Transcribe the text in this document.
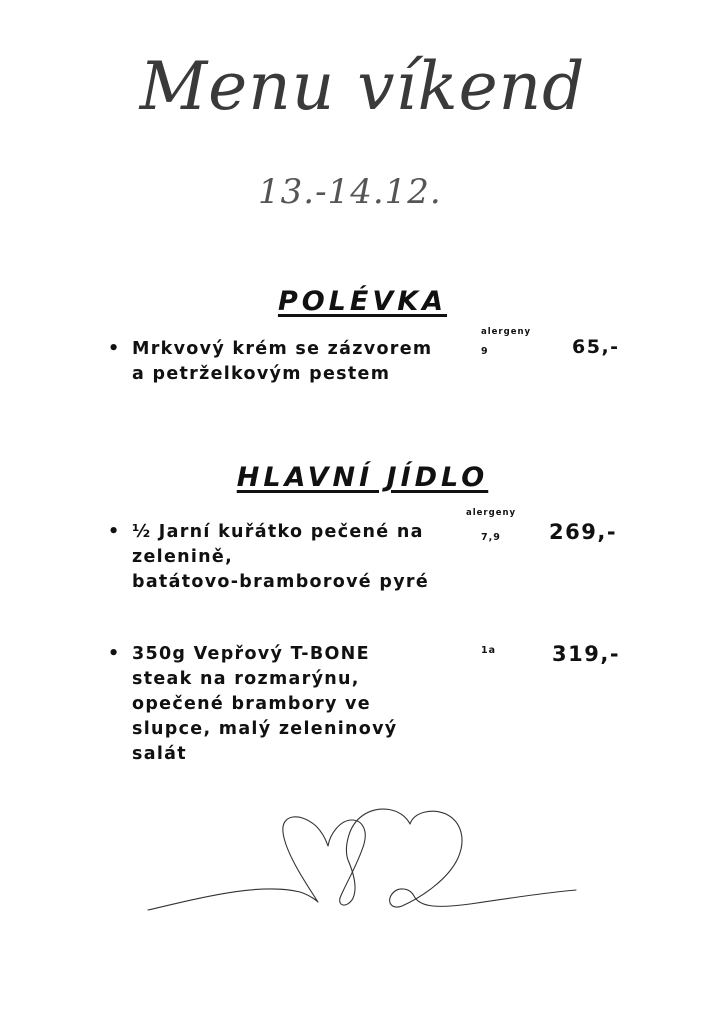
Menu víkend
13.-14.12.
POLÉVKA
• Mrkvový krém se zázvorem
a petrželkovým pestem
alergeny
9	65,-
HLAVNÍ JÍDLO
• ½ Jarní kuřátko pečené na
zelenině,
batátovo-bramborové pyré
alergeny
7,9 269,-
• 350g Vepřový T-BONE
steak na rozmarýnu,
opečené brambory ve
slupce, malý zeleninový
salát
1a	319,-
